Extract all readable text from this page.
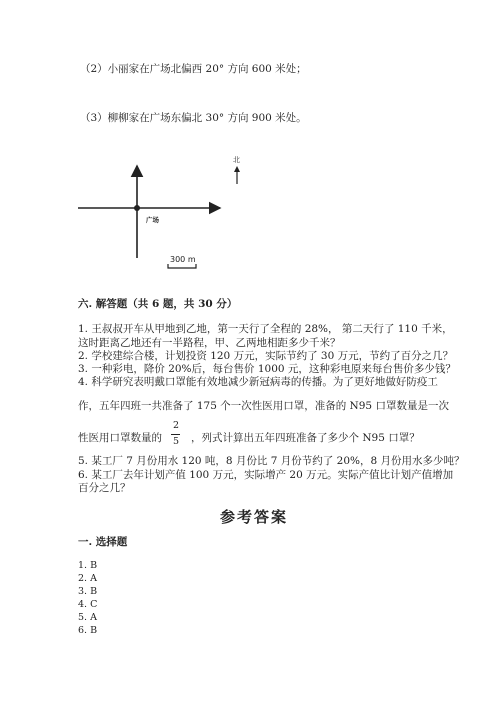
（2）小丽家在广场北偏西 20° 方向 600 米处；
（3）柳柳家在广场东偏北 30° 方向 900 米处。
北
广场
300 m
六. 解答题（共 6 题，共 30 分）
1. 王叔叔开车从甲地到乙地，第一天行了全程的 28%， 第二天行了 110 千米，
这时距离乙地还有一半路程，甲、乙两地相距多少千米？
2. 学校建综合楼，计划投资 120 万元，实际节约了 30 万元，节约了百分之几？
3. 一种彩电，降价 20%后，每台售价 1000 元，这种彩电原来每台售价多少钱？
4. 科学研究表明戴口罩能有效地减少新冠病毒的传播。为了更好地做好防疫工
作，五年四班一共准备了 175 个一次性医用口罩，准备的 N95 口罩数量是一次
性医用口罩数量的
2
5 ，列式计算出五年四班准备了多少个 N95 口罩？
5. 某工厂 7 月份用水 120 吨，8 月份比 7 月份节约了 20%，8 月份用水多少吨？
6. 某工厂去年计划产值 100 万元，实际增产 20 万元。实际产值比计划产值增加
百分之几？
参考答案
一. 选择题
1. B
2. A
3. B
4. C
5. A
6. B
